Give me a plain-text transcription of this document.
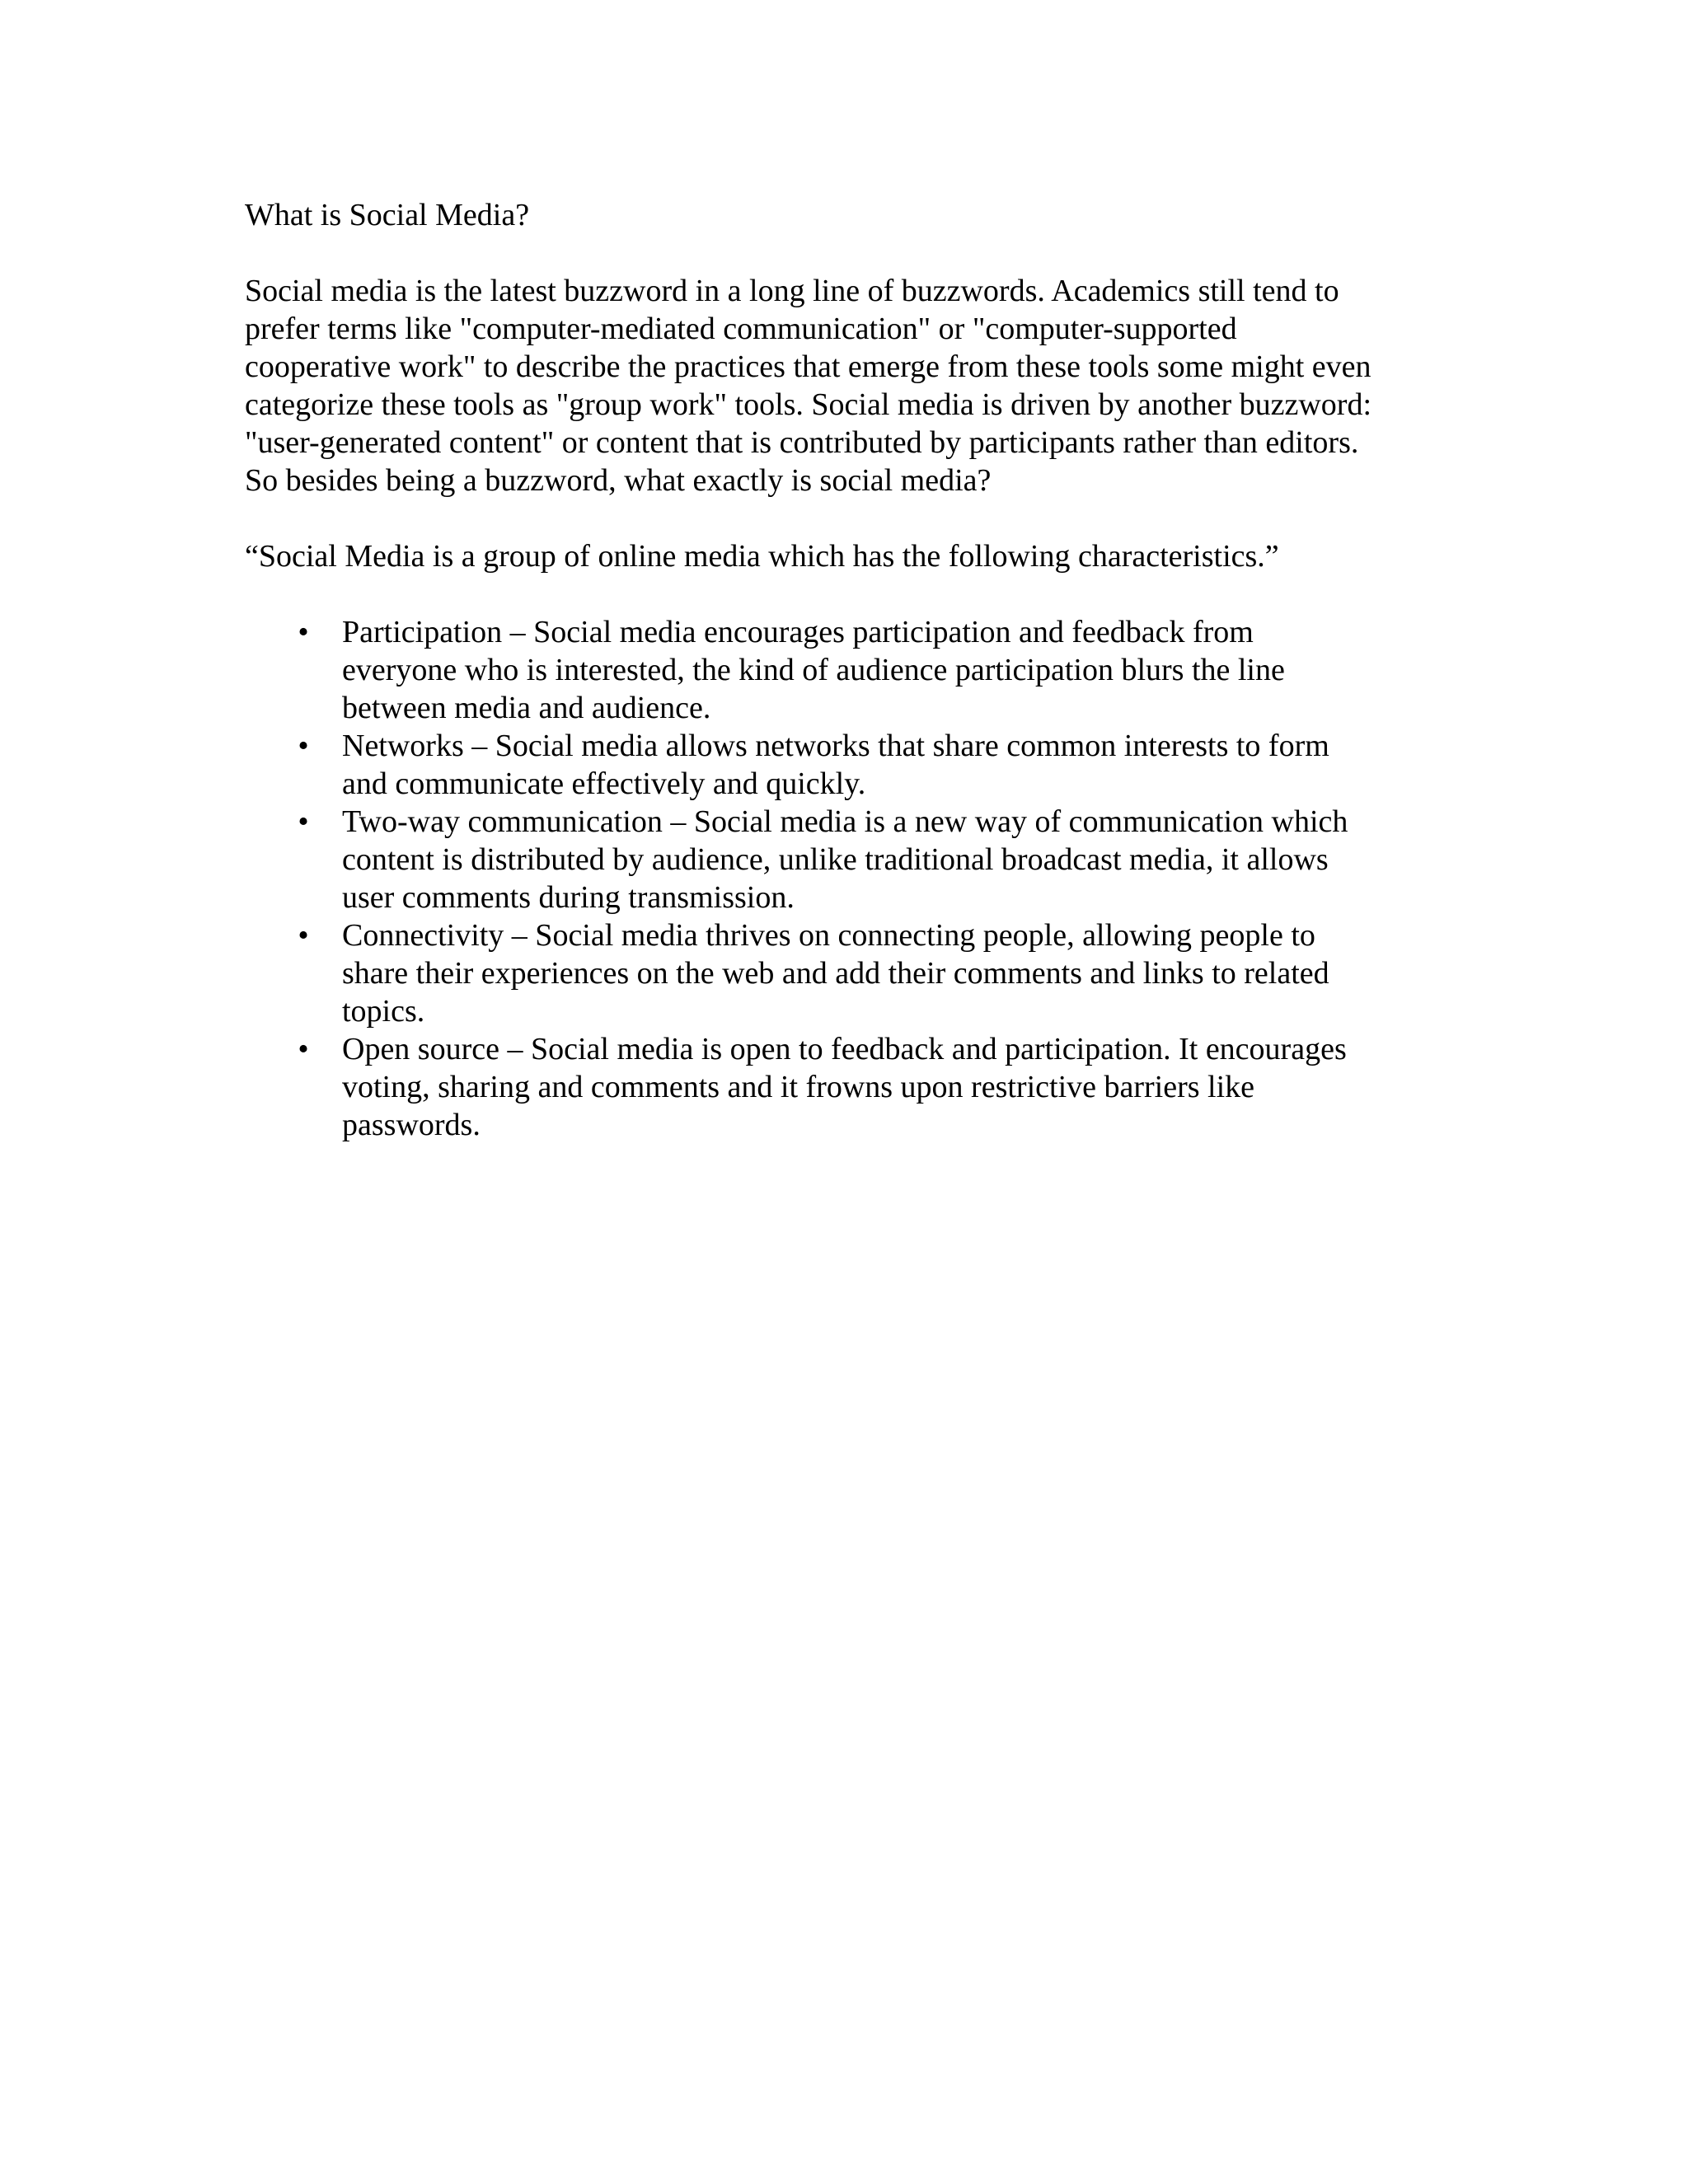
What is Social Media?

Social media is the latest buzzword in a long line of buzzwords. Academics still tend to
prefer terms like "computer-mediated communication" or "computer-supported
cooperative work" to describe the practices that emerge from these tools some might even
categorize these tools as "group work" tools. Social media is driven by another buzzword:
"user-generated content" or content that is contributed by participants rather than editors.
So besides being a buzzword, what exactly is social media?

“Social Media is a group of online media which has the following characteristics.”

• Participation – Social media encourages participation and feedback from
everyone who is interested, the kind of audience participation blurs the line
between media and audience.
• Networks – Social media allows networks that share common interests to form
and communicate effectively and quickly.
• Two-way communication – Social media is a new way of communication which
content is distributed by audience, unlike traditional broadcast media, it allows
user comments during transmission.
• Connectivity – Social media thrives on connecting people, allowing people to
share their experiences on the web and add their comments and links to related
topics.
• Open source – Social media is open to feedback and participation. It encourages
voting, sharing and comments and it frowns upon restrictive barriers like
passwords.
